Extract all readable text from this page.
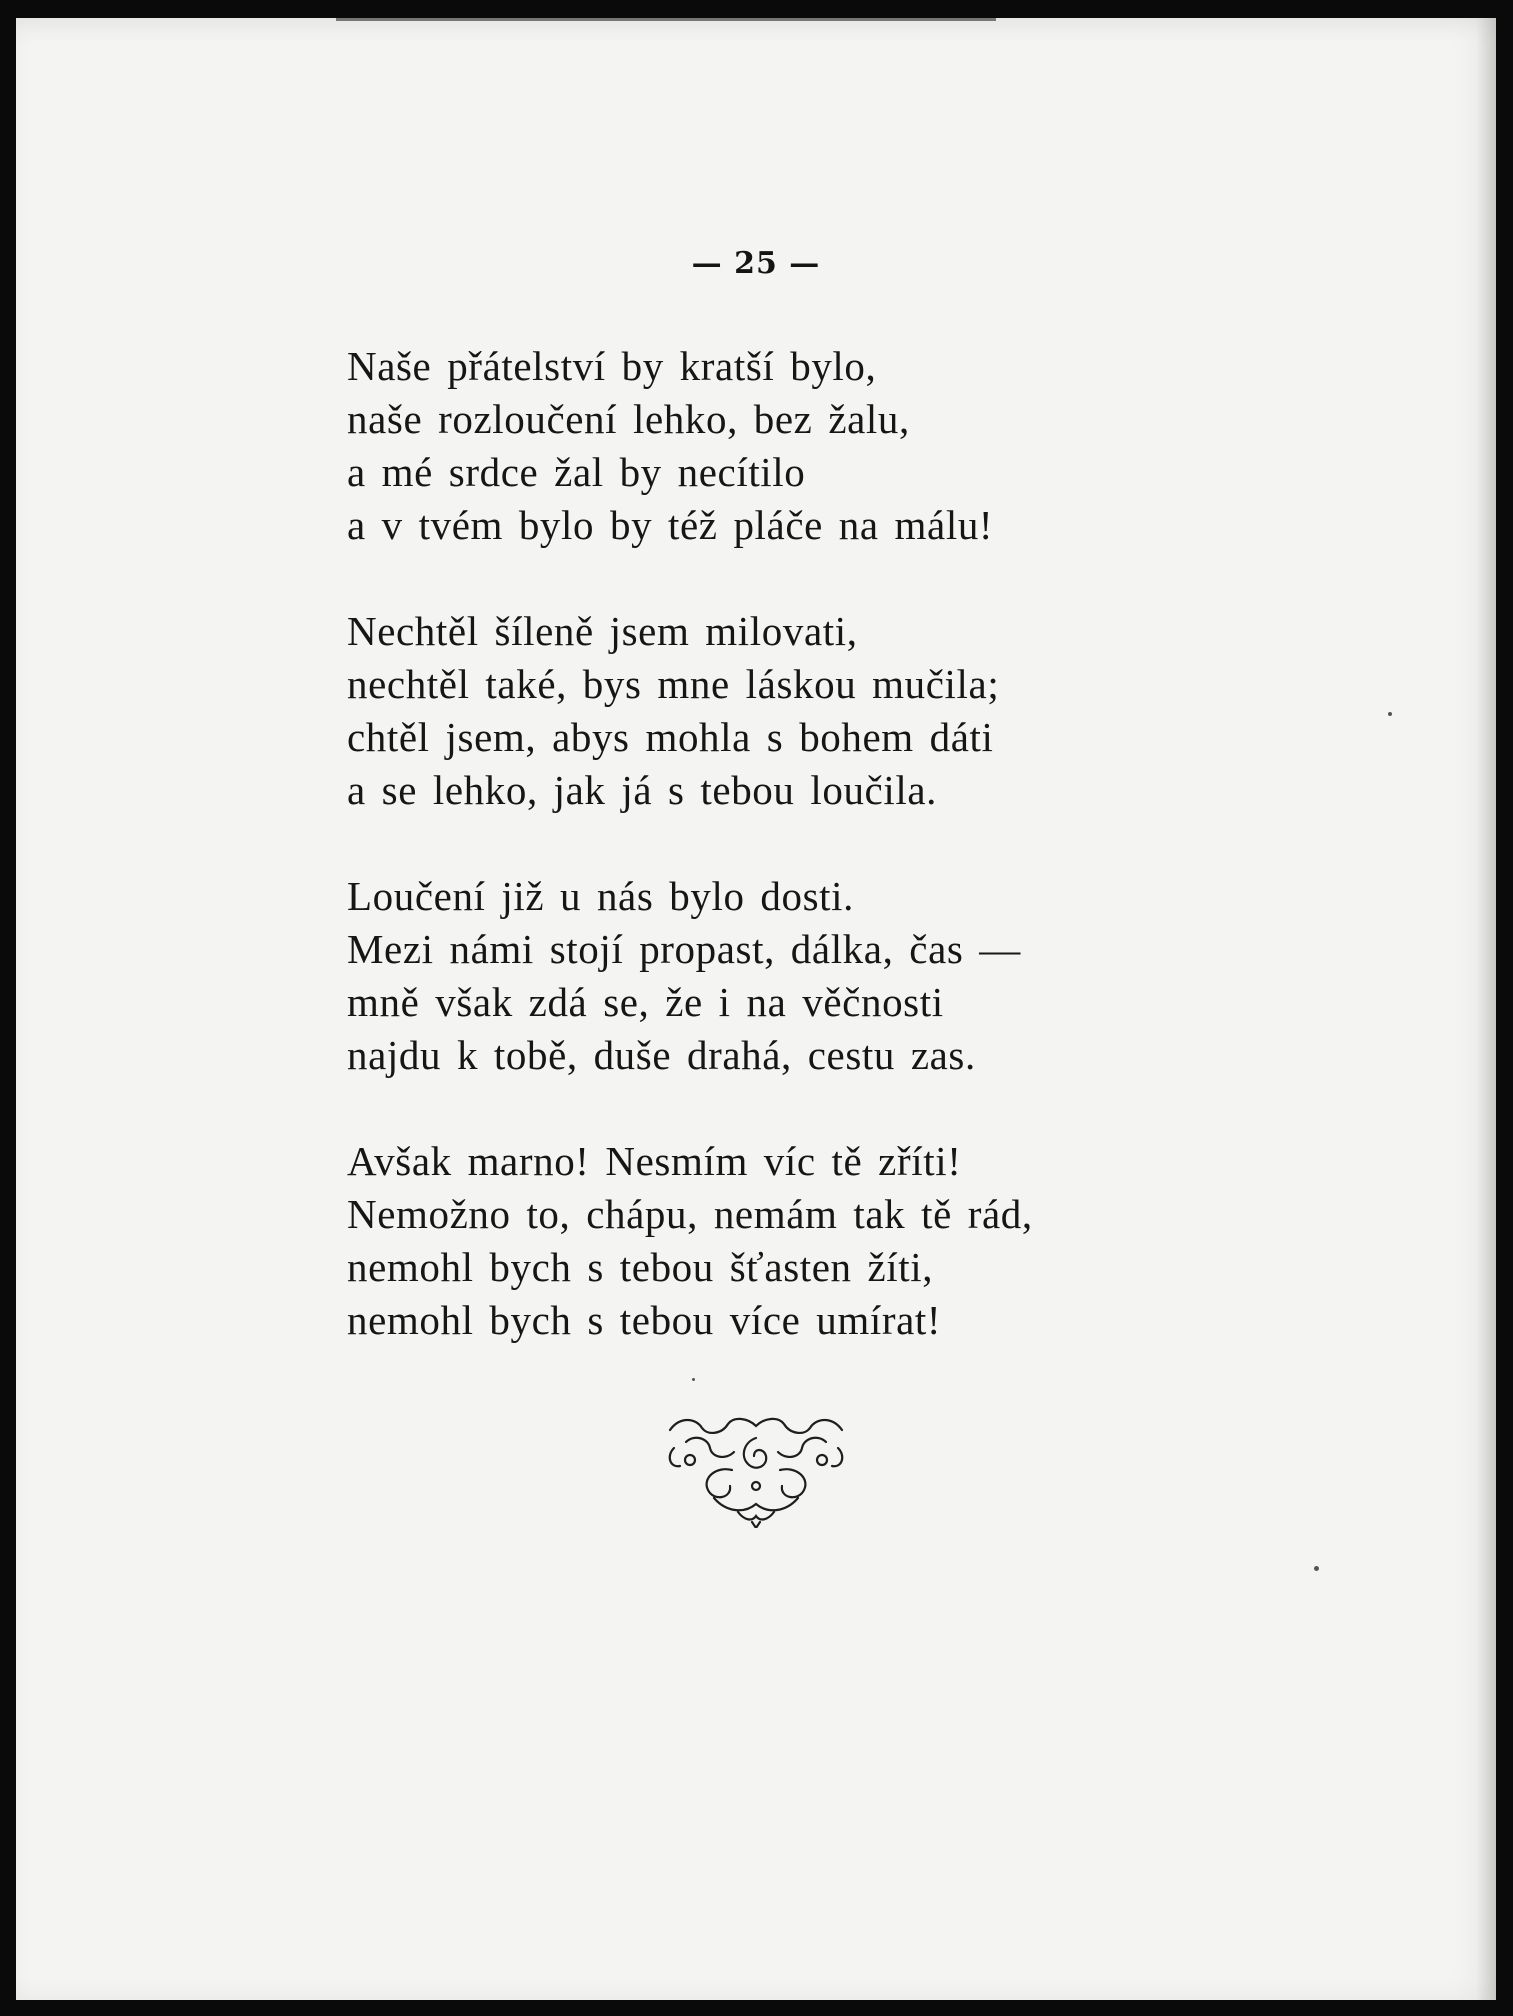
— 25 —
Naše přátelství by kratší bylo,
naše rozloučení lehko, bez žalu,
a mé srdce žal by necítilo
a v tvém bylo by též pláče na málu!
Nechtěl šíleně jsem milovati,
nechtěl také, bys mne láskou mučila;
chtěl jsem, abys mohla s bohem dáti
a se lehko, jak já s tebou loučila.
Loučení již u nás bylo dosti.
Mezi námi stojí propast, dálka, čas —
mně však zdá se, že i na věčnosti
najdu k tobě, duše drahá, cestu zas.
Avšak marno! Nesmím víc tě zříti!
Nemožno to, chápu, nemám tak tě rád,
nemohl bych s tebou šťasten žíti,
nemohl bych s tebou více umírat!
